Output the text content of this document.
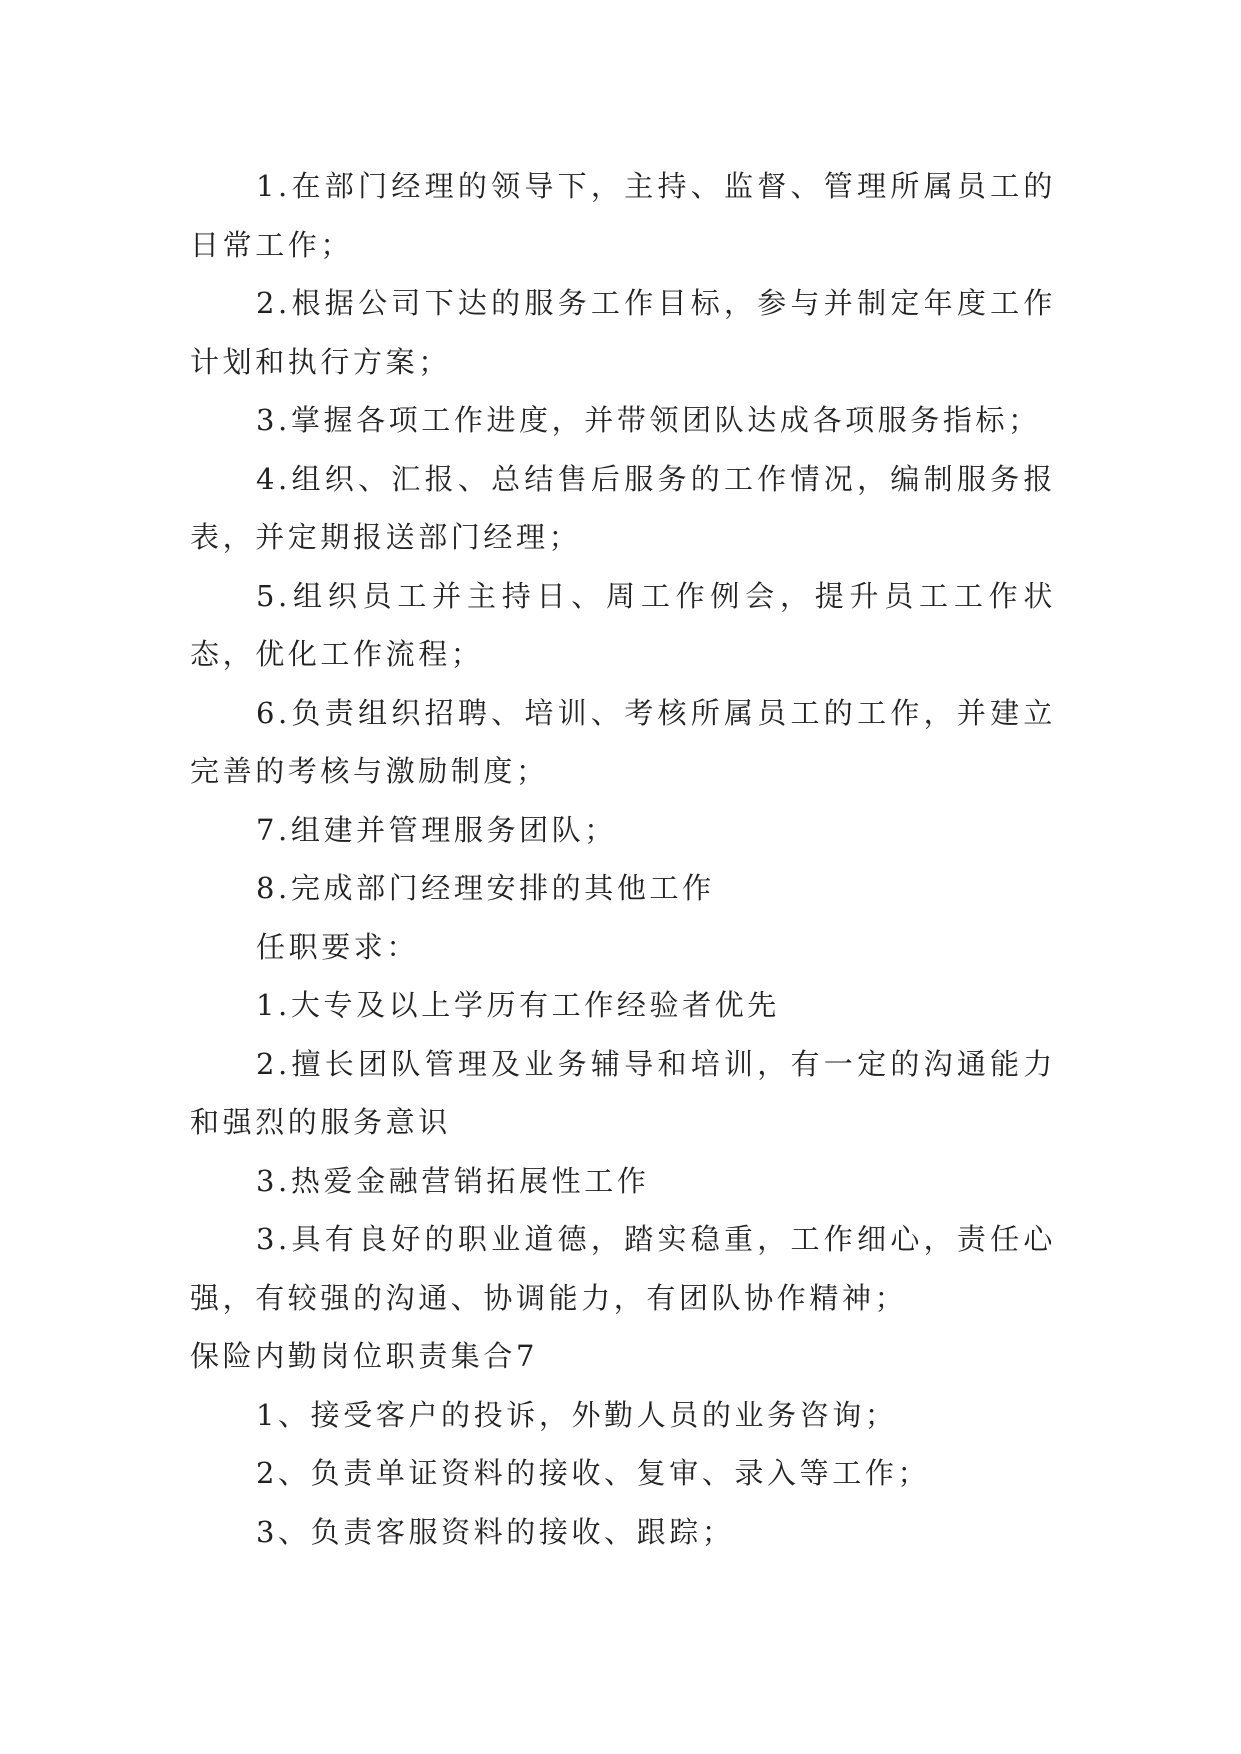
1.在部门经理的领导下，主持、监督、管理所属员工的日常工作；

2.根据公司下达的服务工作目标，参与并制定年度工作计划和执行方案；

3.掌握各项工作进度，并带领团队达成各项服务指标；

4.组织、汇报、总结售后服务的工作情况，编制服务报表，并定期报送部门经理；

5.组织员工并主持日、周工作例会，提升员工工作状态，优化工作流程；

6.负责组织招聘、培训、考核所属员工的工作，并建立完善的考核与激励制度；

7.组建并管理服务团队；

8.完成部门经理安排的其他工作

任职要求：

1.大专及以上学历有工作经验者优先

2.擅长团队管理及业务辅导和培训，有一定的沟通能力和强烈的服务意识

3.热爱金融营销拓展性工作

3.具有良好的职业道德，踏实稳重，工作细心，责任心强，有较强的沟通、协调能力，有团队协作精神；

保险内勤岗位职责集合7

1、接受客户的投诉，外勤人员的业务咨询；

2、负责单证资料的接收、复审、录入等工作；

3、负责客服资料的接收、跟踪；
